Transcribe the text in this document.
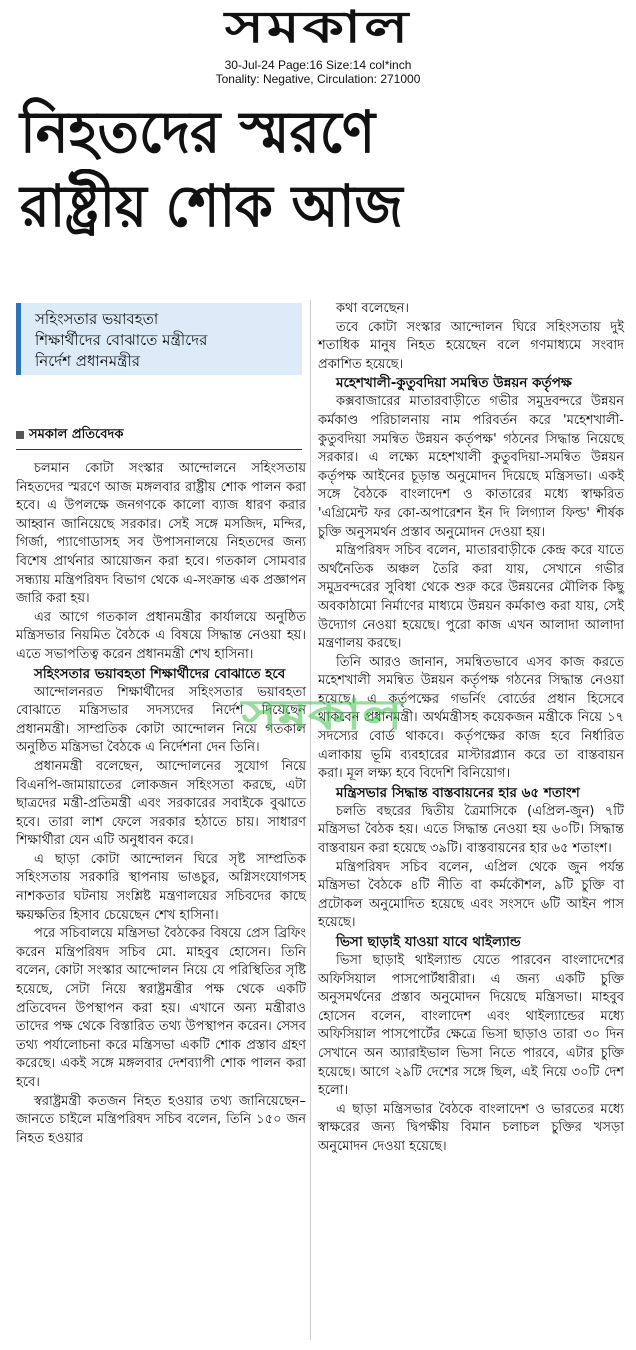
সমকাল
30-Jul-24 Page:16 Size:14 col*inch
Tonality: Negative, Circulation: 271000
নিহতদের স্মরণে
রাষ্ট্রীয় শোক আজ
সহিংসতার ভয়াবহতা
শিক্ষার্থীদের বোঝাতে মন্ত্রীদের
নির্দেশ প্রধানমন্ত্রীর
সমকাল প্রতিবেদক

চলমান কোটা সংস্কার আন্দোলনে সহিংসতায় নিহতদের স্মরণে আজ মঙ্গলবার রাষ্ট্রীয় শোক পালন করা হবে। এ উপলক্ষে জনগণকে কালো ব্যাজ ধারণ করার আহ্বান জানিয়েছে সরকার। সেই সঙ্গে মসজিদ, মন্দির, গির্জা, প্যাগোডাসহ সব উপাসনালয়ে নিহতদের জন্য বিশেষ প্রার্থনার আয়োজন করা হবে। গতকাল সোমবার সন্ধ্যায় মন্ত্রিপরিষদ বিভাগ থেকে এ-সংক্রান্ত এক প্রজ্ঞাপন জারি করা হয়।

এর আগে গতকাল প্রধানমন্ত্রীর কার্যালয়ে অনুষ্ঠিত মন্ত্রিসভার নিয়মিত বৈঠকে এ বিষয়ে সিদ্ধান্ত নেওয়া হয়। এতে সভাপতিত্ব করেন প্রধানমন্ত্রী শেখ হাসিনা।

সহিংসতার ভয়াবহতা শিক্ষার্থীদের বোঝাতে হবে

আন্দোলনরত শিক্ষার্থীদের সহিংসতার ভয়াবহতা বোঝাতে মন্ত্রিসভার সদস্যদের নির্দেশ দিয়েছেন প্রধানমন্ত্রী। সাম্প্রতিক কোটা আন্দোলন নিয়ে গতকাল অনুষ্ঠিত মন্ত্রিসভা বৈঠকে এ নির্দেশনা দেন তিনি।

প্রধানমন্ত্রী বলেছেন, আন্দোলনের সুযোগ নিয়ে বিএনপি-জামায়াতের লোকজন সহিংসতা করছে, এটা ছাত্রদের মন্ত্রী-প্রতিমন্ত্রী এবং সরকারের সবাইকে বুঝাতে হবে। তারা লাশ ফেলে সরকার হঠাতে চায়। সাধারণ শিক্ষার্থীরা যেন এটি অনুধাবন করে।

এ ছাড়া কোটা আন্দোলন ঘিরে সৃষ্ট সাম্প্রতিক সহিংসতায় সরকারি স্থাপনায় ভাঙচুর, অগ্নিসংযোগসহ নাশকতার ঘটনায় সংশ্লিষ্ট মন্ত্রণালয়ের সচিবদের কাছে ক্ষয়ক্ষতির হিসাব চেয়েছেন শেখ হাসিনা।

পরে সচিবালয়ে মন্ত্রিসভা বৈঠকের বিষয়ে প্রেস ব্রিফিং করেন মন্ত্রিপরিষদ সচিব মো. মাহবুব হোসেন। তিনি বলেন, কোটা সংস্কার আন্দোলন নিয়ে যে পরিস্থিতির সৃষ্টি হয়েছে, সেটা নিয়ে স্বরাষ্ট্রমন্ত্রীর পক্ষ থেকে একটি প্রতিবেদন উপস্থাপন করা হয়। এখানে অন্য মন্ত্রীরাও তাদের পক্ষ থেকে বিস্তারিত তথ্য উপস্থাপন করেন। সেসব তথ্য পর্যালোচনা করে মন্ত্রিসভা একটি শোক প্রস্তাব গ্রহণ করেছে। একই সঙ্গে মঙ্গলবার দেশব্যাপী শোক পালন করা হবে।

স্বরাষ্ট্রমন্ত্রী কতজন নিহত হওয়ার তথ্য জানিয়েছেন– জানতে চাইলে মন্ত্রিপরিষদ সচিব বলেন, তিনি ১৫০ জন নিহত হওয়ার

কথা বলেছেন।

তবে কোটা সংস্কার আন্দোলন ঘিরে সহিংসতায় দুই শতাধিক মানুষ নিহত হয়েছেন বলে গণমাধ্যমে সংবাদ প্রকাশিত হয়েছে।

মহেশখালী-কুতুবদিয়া সমন্বিত উন্নয়ন কর্তৃপক্ষ

কক্সবাজারের মাতারবাড়ীতে গভীর সমুদ্রবন্দরে উন্নয়ন কর্মকাণ্ড পরিচালনায় নাম পরিবর্তন করে 'মহেশখালী-কুতুবদিয়া সমন্বিত উন্নয়ন কর্তৃপক্ষ' গঠনের সিদ্ধান্ত নিয়েছে সরকার। এ লক্ষ্যে মহেশখালী কুতুবদিয়া-সমন্বিত উন্নয়ন কর্তৃপক্ষ আইনের চূড়ান্ত অনুমোদন দিয়েছে মন্ত্রিসভা। একই সঙ্গে বৈঠকে বাংলাদেশ ও কাতারের মধ্যে স্বাক্ষরিত 'এগ্রিমেন্ট ফর কো-অপারেশন ইন দি লিগ্যাল ফিল্ড' শীর্ষক চুক্তি অনুসমর্থন প্রস্তাব অনুমোদন দেওয়া হয়।

মন্ত্রিপরিষদ সচিব বলেন, মাতারবাড়ীকে কেন্দ্র করে যাতে অর্থনৈতিক অঞ্চল তৈরি করা যায়, সেখানে গভীর সমুদ্রবন্দরের সুবিধা থেকে শুরু করে উন্নয়নের মৌলিক কিছু অবকাঠামো নির্মাণের মাধ্যমে উন্নয়ন কর্মকাণ্ড করা যায়, সেই উদ্যোগ নেওয়া হয়েছে। পুরো কাজ এখন আলাদা আলাদা মন্ত্রণালয় করছে।

তিনি আরও জানান, সমন্বিতভাবে এসব কাজ করতে মহেশখালী সমন্বিত উন্নয়ন কর্তৃপক্ষ গঠনের সিদ্ধান্ত নেওয়া হয়েছে। এ কর্তৃপক্ষের গভর্নিং বোর্ডের প্রধান হিসেবে থাকবেন প্রধানমন্ত্রী। অর্থমন্ত্রীসহ কয়েকজন মন্ত্রীকে নিয়ে ১৭ সদস্যের বোর্ড থাকবে। কর্তৃপক্ষের কাজ হবে নির্ধারিত এলাকায় ভূমি ব্যবহারের মাস্টারপ্ল্যান করে তা বাস্তবায়ন করা। মূল লক্ষ্য হবে বিদেশি বিনিয়োগ।

মন্ত্রিসভার সিদ্ধান্ত বাস্তবায়নের হার ৬৫ শতাংশ

চলতি বছরের দ্বিতীয় ত্রৈমাসিকে (এপ্রিল-জুন) ৭টি মন্ত্রিসভা বৈঠক হয়। এতে সিদ্ধান্ত নেওয়া হয় ৬০টি। সিদ্ধান্ত বাস্তবায়ন করা হয়েছে ৩৯টি। বাস্তবায়নের হার ৬৫ শতাংশ।

মন্ত্রিপরিষদ সচিব বলেন, এপ্রিল থেকে জুন পর্যন্ত মন্ত্রিসভা বৈঠকে ৪টি নীতি বা কর্মকৌশল, ৯টি চুক্তি বা প্রটোকল অনুমোদিত হয়েছে এবং সংসদে ৬টি আইন পাস হয়েছে।

ভিসা ছাড়াই যাওয়া যাবে থাইল্যান্ড

ভিসা ছাড়াই থাইল্যান্ড যেতে পারবেন বাংলাদেশের অফিসিয়াল পাসপোর্টধারীরা। এ জন্য একটি চুক্তি অনুসমর্থনের প্রস্তাব অনুমোদন দিয়েছে মন্ত্রিসভা। মাহবুব হোসেন বলেন, বাংলাদেশ এবং থাইল্যান্ডের মধ্যে অফিসিয়াল পাসপোর্টের ক্ষেত্রে ভিসা ছাড়াও তারা ৩০ দিন সেখানে অন অ্যারাইভাল ভিসা নিতে পারবে, এটার চুক্তি হয়েছে। আগে ২৯টি দেশের সঙ্গে ছিল, এই নিয়ে ৩০টি দেশ হলো।

এ ছাড়া মন্ত্রিসভার বৈঠকে বাংলাদেশ ও ভারতের মধ্যে স্বাক্ষরের জন্য দ্বিপক্ষীয় বিমান চলাচল চুক্তির খসড়া অনুমোদন দেওয়া হয়েছে।

সমকাল
